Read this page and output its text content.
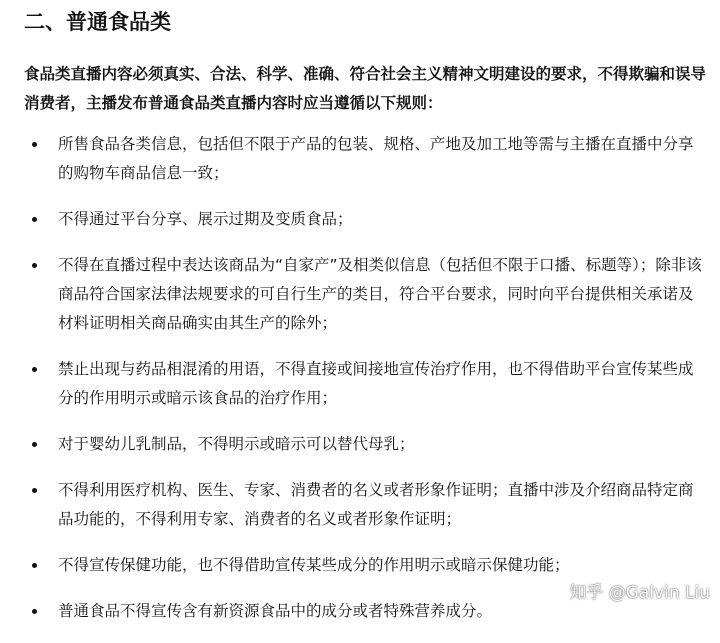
二、普通食品类

食品类直播内容必须真实、合法、科学、准确、符合社会主义精神文明建设的要求，不得欺骗和误导消费者，主播发布普通食品类直播内容时应当遵循以下规则：

所售食品各类信息，包括但不限于产品的包装、规格、产地及加工地等需与主播在直播中分享的购物车商品信息一致；
不得通过平台分享、展示过期及变质食品；
不得在直播过程中表达该商品为“自家产”及相类似信息（包括但不限于口播、标题等）；除非该商品符合国家法律法规要求的可自行生产的类目，符合平台要求，同时向平台提供相关承诺及材料证明相关商品确实由其生产的除外；
禁止出现与药品相混淆的用语，不得直接或间接地宣传治疗作用，也不得借助平台宣传某些成分的作用明示或暗示该食品的治疗作用；
对于婴幼儿乳制品，不得明示或暗示可以替代母乳；
不得利用医疗机构、医生、专家、消费者的名义或者形象作证明；直播中涉及介绍商品特定商品功能的，不得利用专家、消费者的名义或者形象作证明；
不得宣传保健功能，也不得借助宣传某些成分的作用明示或暗示保健功能；
普通食品不得宣传含有新资源食品中的成分或者特殊营养成分。
知乎 @Galvin Liu
